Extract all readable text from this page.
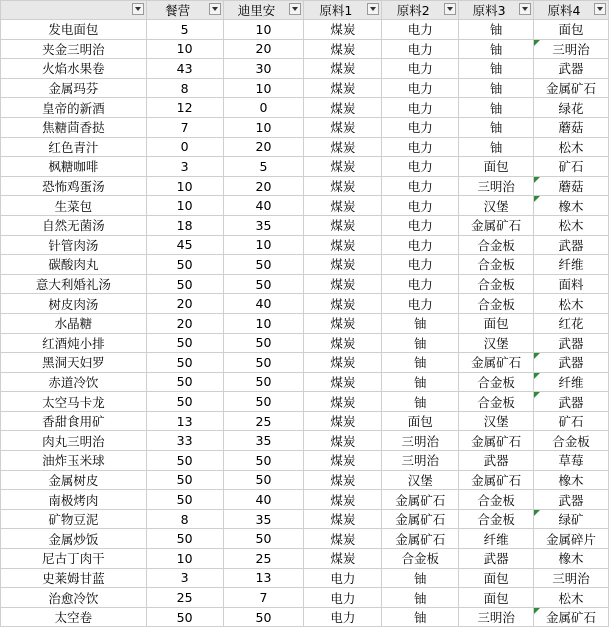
	餐营	迪里安	原料1	原料2	原料3	原料4

发电面包	5	10	煤炭	电力	铀	面包
夹金三明治	10	20	煤炭	电力	铀	三明治

火焰水果卷	43	30	煤炭	电力	铀	武器
金属玛芬	8	10	煤炭	电力	铀	金属矿石
皇帝的新酒	12	0	煤炭	电力	铀	绿花
焦糖茴香挞	7	10	煤炭	电力	铀	蘑菇
红色青汁	0	20	煤炭	电力	铀	松木
枫糖咖啡	3	5	煤炭	电力	面包	矿石
恐怖鸡蛋汤	10	20	煤炭	电力	三明治	蘑菇

生菜包	10	40	煤炭	电力	汉堡	橡木

自然无菌汤	18	35	煤炭	电力	金属矿石	松木
针管肉汤	45	10	煤炭	电力	合金板	武器
碳酸肉丸	50	50	煤炭	电力	合金板	纤维
意大利婚礼汤	50	50	煤炭	电力	合金板	面料
树皮肉汤	20	40	煤炭	电力	合金板	松木
水晶糖	20	10	煤炭	铀	面包	红花
红酒炖小排	50	50	煤炭	铀	汉堡	武器
黑洞天妇罗	50	50	煤炭	铀	金属矿石	武器

赤道冷饮	50	50	煤炭	铀	合金板	纤维

太空马卡龙	50	50	煤炭	铀	合金板	武器

香甜食用矿	13	25	煤炭	面包	汉堡	矿石
肉丸三明治	33	35	煤炭	三明治	金属矿石	合金板
油炸玉米球	50	50	煤炭	三明治	武器	草莓
金属树皮	50	50	煤炭	汉堡	金属矿石	橡木
南极烤肉	50	40	煤炭	金属矿石	合金板	武器
矿物豆泥	8	35	煤炭	金属矿石	合金板	绿矿

金属炒饭	50	50	煤炭	金属矿石	纤维	金属碎片
尼古丁肉干	10	25	煤炭	合金板	武器	橡木
史莱姆甘蓝	3	13	电力	铀	面包	三明治
治愈冷饮	25	7	电力	铀	面包	松木
太空卷	50	50	电力	铀	三明治	金属矿石
